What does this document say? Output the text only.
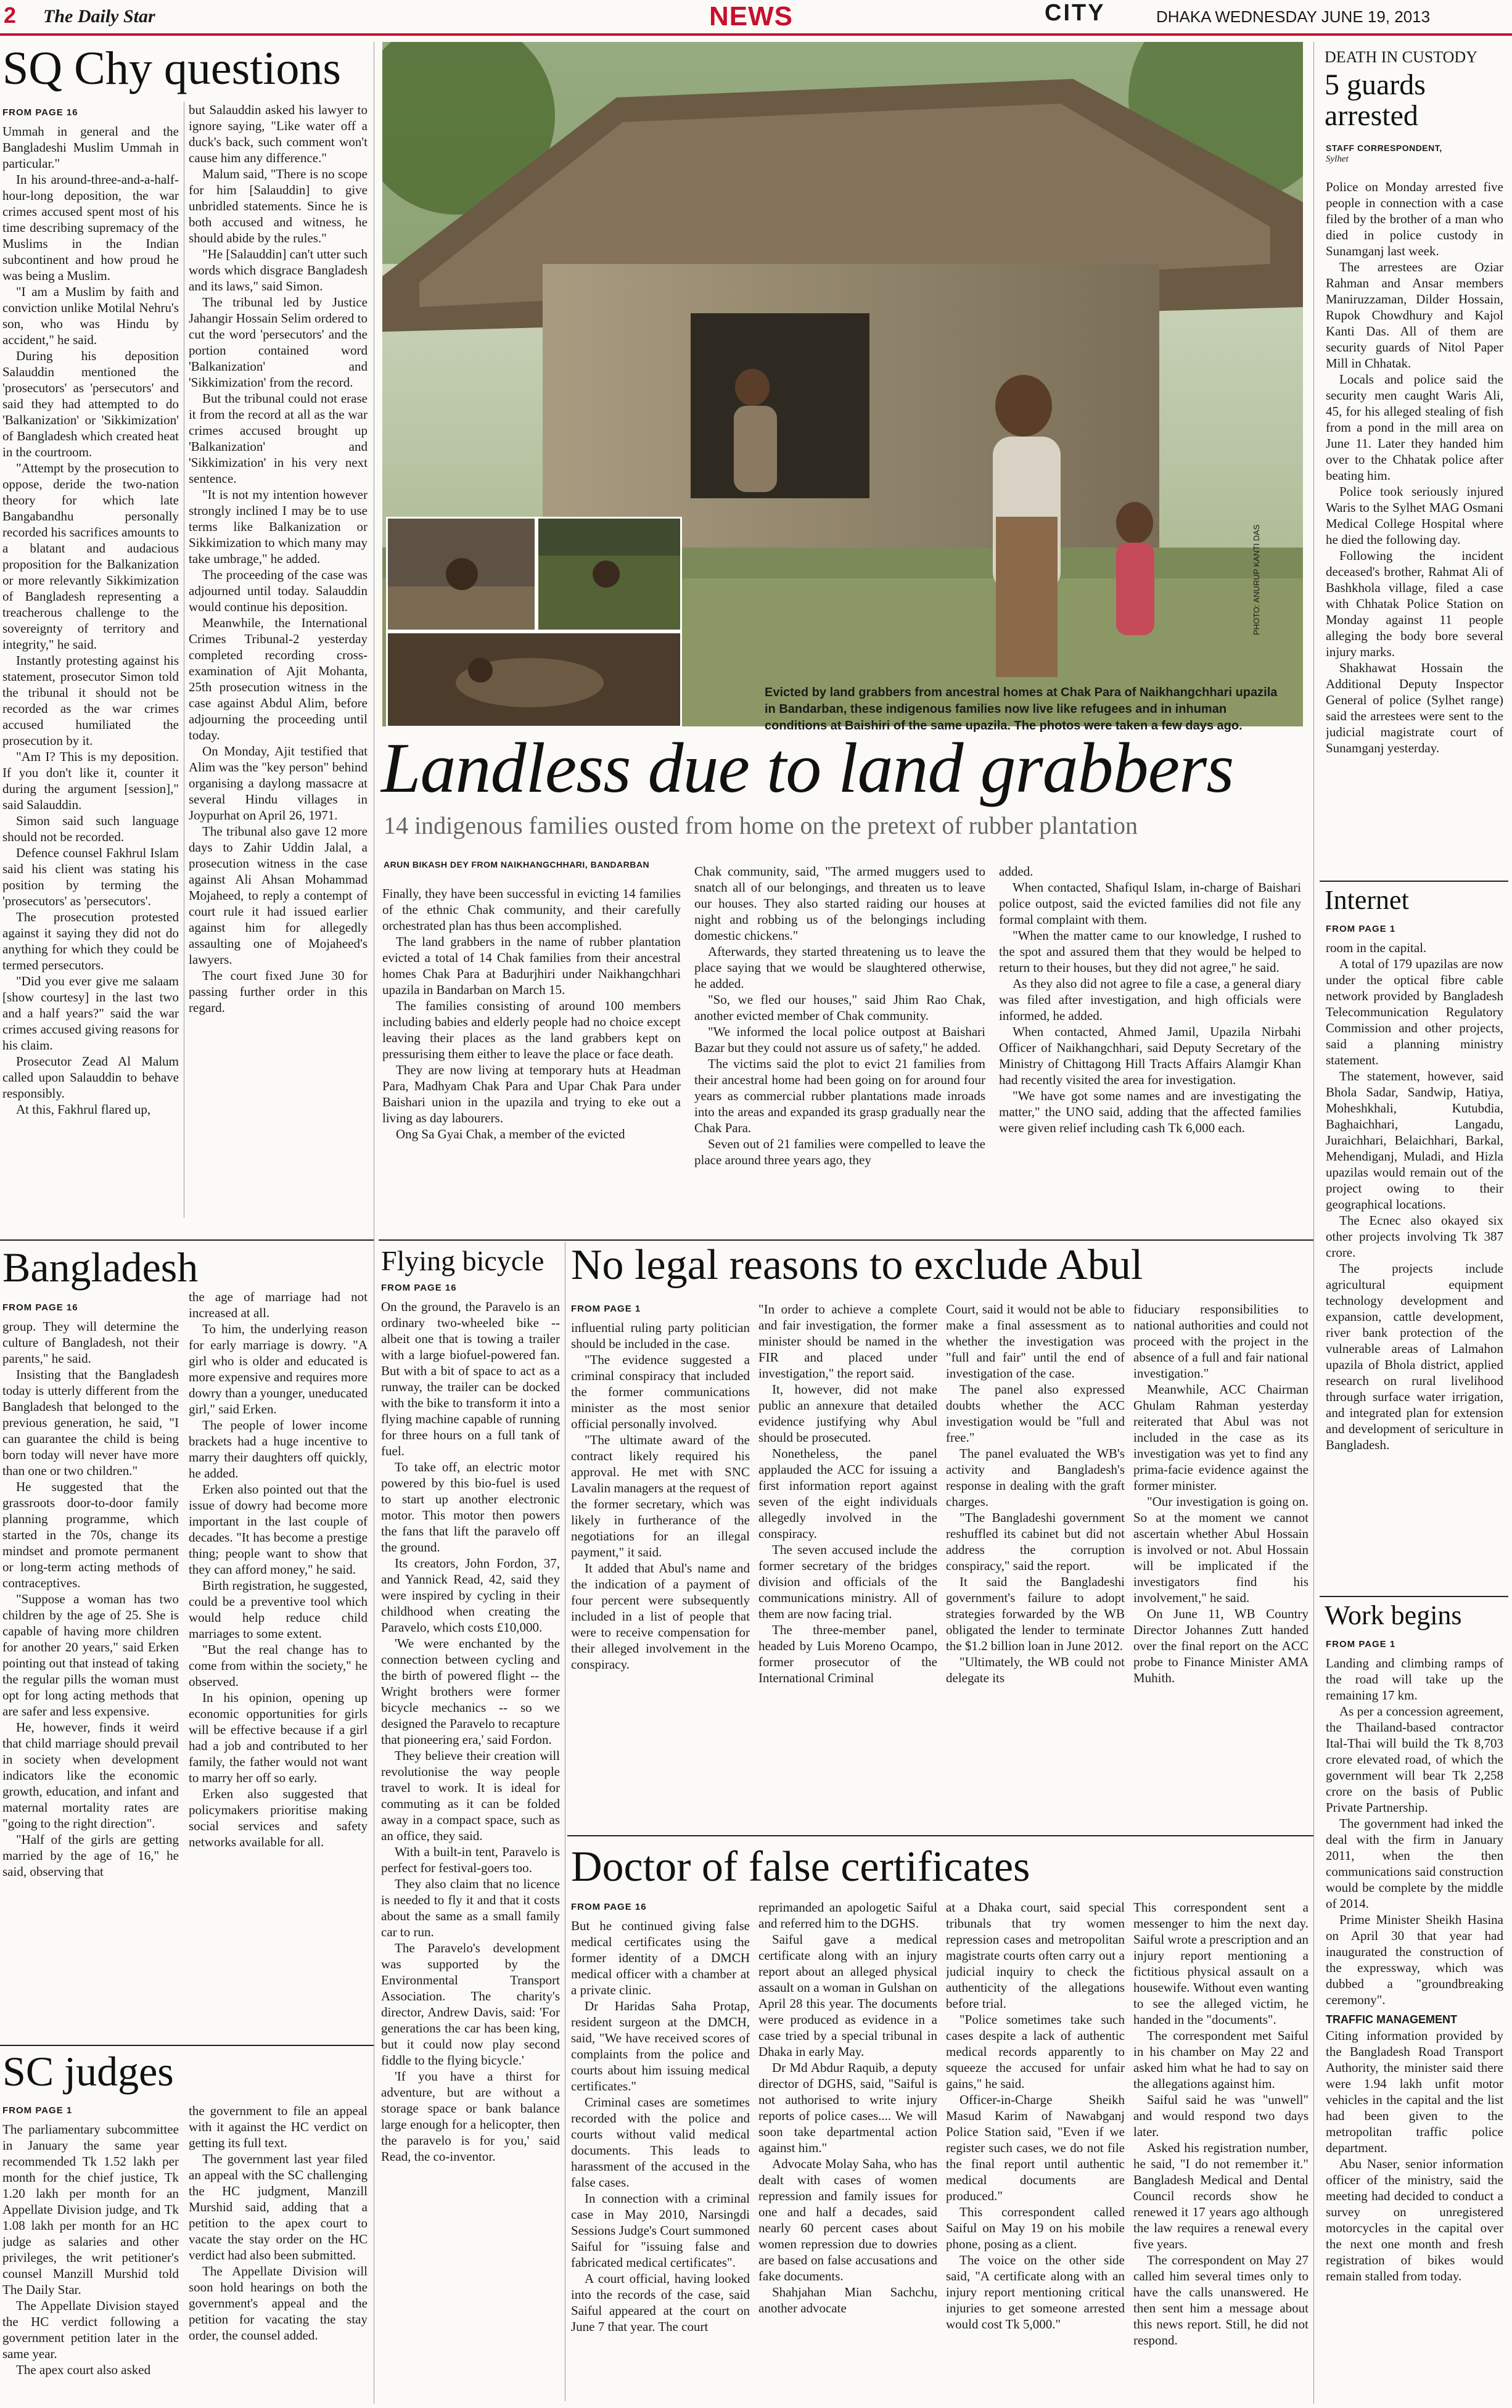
2 The Daily Star	NEWS	CITY	DHAKA WEDNESDAY JUNE 19, 2013
SQ Chy questions
FROM PAGE 16

Ummah in general and the Bangladeshi Muslim Ummah in particular."

In his around-three-and-a-half-hour-long deposition, the war crimes accused spent most of his time describing supremacy of the Muslims in the Indian subcontinent and how proud he was being a Muslim.

"I am a Muslim by faith and conviction unlike Motilal Nehru's son, who was Hindu by accident," he said.

During his deposition Salauddin mentioned the 'prosecutors' as 'persecutors' and said they had attempted to do 'Balkanization' or 'Sikkimization' of Bangladesh which created heat in the courtroom.

"Attempt by the prosecution to oppose, deride the two-nation theory for which late Bangabandhu personally recorded his sacrifices amounts to a blatant and audacious proposition for the Balkanization or more relevantly Sikkimization of Bangladesh representing a treacherous challenge to the sovereignty of territory and integrity," he said.

Instantly protesting against his statement, prosecutor Simon told the tribunal it should not be recorded as the war crimes accused humiliated the prosecution by it.

"Am I? This is my deposition. If you don't like it, counter it during the argument [session]," said Salauddin.

Simon said such language should not be recorded.

Defence counsel Fakhrul Islam said his client was stating his position by terming the 'prosecutors' as 'persecutors'.

The prosecution protested against it saying they did not do anything for which they could be termed persecutors.

"Did you ever give me salaam [show courtesy] in the last two and a half years?" said the war crimes accused giving reasons for his claim.

Prosecutor Zead Al Malum called upon Salauddin to behave responsibly.

At this, Fakhrul flared up,

but Salauddin asked his lawyer to ignore saying, "Like water off a duck's back, such comment won't cause him any difference."

Malum said, "There is no scope for him [Salauddin] to give unbridled statements. Since he is both accused and witness, he should abide by the rules."

"He [Salauddin] can't utter such words which disgrace Bangladesh and its laws," said Simon.

The tribunal led by Justice Jahangir Hossain Selim ordered to cut the word 'persecutors' and the portion contained word 'Balkanization' and 'Sikkimization' from the record.

But the tribunal could not erase it from the record at all as the war crimes accused brought up 'Balkanization' and 'Sikkimization' in his very next sentence.

"It is not my intention however strongly inclined I may be to use terms like Balkanization or Sikkimization to which many may take umbrage," he added.

The proceeding of the case was adjourned until today. Salauddin would continue his deposition.

Meanwhile, the International Crimes Tribunal-2 yesterday completed recording cross-examination of Ajit Mohanta, 25th prosecution witness in the case against Abdul Alim, before adjourning the proceeding until today.

On Monday, Ajit testified that Alim was the "key person" behind organising a daylong massacre at several Hindu villages in Joypurhat on April 26, 1971.

The tribunal also gave 12 more days to Zahir Uddin Jalal, a prosecution witness in the case against Ali Ahsan Mohammad Mojaheed, to reply a contempt of court rule it had issued earlier against him for allegedly assaulting one of Mojaheed's lawyers.

The court fixed June 30 for passing further order in this regard.

PHOTO: ANURUP KANTI DAS
Evicted by land grabbers from ancestral homes at Chak Para of Naikhangchhari upazila in Bandarban, these indigenous families now live like refugees and in inhuman conditions at Baishiri of the same upazila. The photos were taken a few days ago.
Landless due to land grabbers
14 indigenous families ousted from home on the pretext of rubber plantation
ARUN BIKASH DEY FROM NAIKHANGCHHARI, BANDARBAN

Finally, they have been successful in evicting 14 families of the ethnic Chak community, and their carefully orchestrated plan has thus been accomplished.

The land grabbers in the name of rubber plantation evicted a total of 14 Chak families from their ancestral homes Chak Para at Badurjhiri under Naikhangchhari upazila in Bandarban on March 15.

The families consisting of around 100 members including babies and elderly people had no choice except leaving their places as the land grabbers kept on pressurising them either to leave the place or face death.

They are now living at temporary huts at Headman Para, Madhyam Chak Para and Upar Chak Para under Baishari union in the upazila and trying to eke out a living as day labourers.

Ong Sa Gyai Chak, a member of the evicted

Chak community, said, "The armed muggers used to snatch all of our belongings, and threaten us to leave our houses. They also started raiding our houses at night and robbing us of the belongings including domestic chickens."

Afterwards, they started threatening us to leave the place saying that we would be slaughtered otherwise, he added.

"So, we fled our houses," said Jhim Rao Chak, another evicted member of Chak community.

"We informed the local police outpost at Baishari Bazar but they could not assure us of safety," he added.

The victims said the plot to evict 21 families from their ancestral home had been going on for around four years as commercial rubber plantations made inroads into the areas and expanded its grasp gradually near the Chak Para.

Seven out of 21 families were compelled to leave the place around three years ago, they

added.

When contacted, Shafiqul Islam, in-charge of Baishari police outpost, said the evicted families did not file any formal complaint with them.

"When the matter came to our knowledge, I rushed to the spot and assured them that they would be helped to return to their houses, but they did not agree," he said.

As they also did not agree to file a case, a general diary was filed after investigation, and high officials were informed, he added.

When contacted, Ahmed Jamil, Upazila Nirbahi Officer of Naikhangchhari, said Deputy Secretary of the Ministry of Chittagong Hill Tracts Affairs Alamgir Khan had recently visited the area for investigation.

"We have got some names and are investigating the matter," the UNO said, adding that the affected families were given relief including cash Tk 6,000 each.

DEATH IN CUSTODY
5 guards
arrested
STAFF CORRESPONDENT,
Sylhet

Police on Monday arrested five people in connection with a case filed by the brother of a man who died in police custody in Sunamganj last week.

The arrestees are Oziar Rahman and Ansar members Maniruzzaman, Dilder Hossain, Rupok Chowdhury and Kajol Kanti Das. All of them are security guards of Nitol Paper Mill in Chhatak.

Locals and police said the security men caught Waris Ali, 45, for his alleged stealing of fish from a pond in the mill area on June 11. Later they handed him over to the Chhatak police after beating him.

Police took seriously injured Waris to the Sylhet MAG Osmani Medical College Hospital where he died the following day.

Following the incident deceased's brother, Rahmat Ali of Bashkhola village, filed a case with Chhatak Police Station on Monday against 11 people alleging the body bore several injury marks.

Shakhawat Hossain the Additional Deputy Inspector General of police (Sylhet range) said the arrestees were sent to the judicial magistrate court of Sunamganj yesterday.

Internet
FROM PAGE 1

room in the capital.

A total of 179 upazilas are now under the optical fibre cable network provided by Bangladesh Telecommunication Regulatory Commission and other projects, said a planning ministry statement.

The statement, however, said Bhola Sadar, Sandwip, Hatiya, Moheshkhali, Kutubdia, Baghaichhari, Langadu, Juraichhari, Belaichhari, Barkal, Mehendiganj, Muladi, and Hizla upazilas would remain out of the project owing to their geographical locations.

The Ecnec also okayed six other projects involving Tk 387 crore.

The projects include agricultural equipment technology development and expansion, cattle development, river bank protection of the vulnerable areas of Lalmahon upazila of Bhola district, applied research on rural livelihood through surface water irrigation, and integrated plan for extension and development of sericulture in Bangladesh.

Work begins
FROM PAGE 1

Landing and climbing ramps of the road will take up the remaining 17 km.

As per a concession agreement, the Thailand-based contractor Ital-Thai will build the Tk 8,703 crore elevated road, of which the government will bear Tk 2,258 crore on the basis of Public Private Partnership.

The government had inked the deal with the firm in January 2011, when the then communications said construction would be complete by the middle of 2014.

Prime Minister Sheikh Hasina on April 30 that year had inaugurated the construction of the expressway, which was dubbed a "groundbreaking ceremony".

TRAFFIC MANAGEMENT

Citing information provided by the Bangladesh Road Transport Authority, the minister said there were 1.94 lakh unfit motor vehicles in the capital and the list had been given to the metropolitan traffic police department.

Abu Naser, senior information officer of the ministry, said the meeting had decided to conduct a survey on unregistered motorcycles in the capital over the next one month and fresh registration of bikes would remain stalled from today.

Bangladesh
FROM PAGE 16

group. They will determine the culture of Bangladesh, not their parents," he said.

Insisting that the Bangladesh today is utterly different from the Bangladesh that belonged to the previous generation, he said, "I can guarantee the child is being born today will never have more than one or two children."

He suggested that the grassroots door-to-door family planning programme, which started in the 70s, change its mindset and promote permanent or long-term acting methods of contraceptives.

"Suppose a woman has two children by the age of 25. She is capable of having more children for another 20 years," said Erken pointing out that instead of taking the regular pills the woman must opt for long acting methods that are safer and less expensive.

He, however, finds it weird that child marriage should prevail in society when development indicators like the economic growth, education, and infant and maternal mortality rates are "going to the right direction".

"Half of the girls are getting married by the age of 16," he said, observing that

the age of marriage had not increased at all.

To him, the underlying reason for early marriage is dowry. "A girl who is older and educated is more expensive and requires more dowry than a younger, uneducated girl," said Erken.

The people of lower income brackets had a huge incentive to marry their daughters off quickly, he added.

Erken also pointed out that the issue of dowry had become more important in the last couple of decades. "It has become a prestige thing; people want to show that they can afford money," he said.

Birth registration, he suggested, could be a preventive tool which would help reduce child marriages to some extent.

"But the real change has to come from within the society," he observed.

In his opinion, opening up economic opportunities for girls will be effective because if a girl had a job and contributed to her family, the father would not want to marry her off so early.

Erken also suggested that policymakers prioritise making social services and safety networks available for all.

SC judges
FROM PAGE 1

The parliamentary subcommittee in January the same year recommended Tk 1.52 lakh per month for the chief justice, Tk 1.20 lakh per month for an Appellate Division judge, and Tk 1.08 lakh per month for an HC judge as salaries and other privileges, the writ petitioner's counsel Manzill Murshid told The Daily Star.

The Appellate Division stayed the HC verdict following a government petition later in the same year.

The apex court also asked

the government to file an appeal with it against the HC verdict on getting its full text.

The government last year filed an appeal with the SC challenging the HC judgment, Manzill Murshid said, adding that a petition to the apex court to vacate the stay order on the HC verdict had also been submitted.

The Appellate Division will soon hold hearings on both the government's appeal and the petition for vacating the stay order, the counsel added.

Flying bicycle
FROM PAGE 16

On the ground, the Paravelo is an ordinary two-wheeled bike -- albeit one that is towing a trailer with a large biofuel-powered fan. But with a bit of space to act as a runway, the trailer can be docked with the bike to transform it into a flying machine capable of running for three hours on a full tank of fuel.

To take off, an electric motor powered by this bio-fuel is used to start up another electronic motor. This motor then powers the fans that lift the paravelo off the ground.

Its creators, John Fordon, 37, and Yannick Read, 42, said they were inspired by cycling in their childhood when creating the Paravelo, which costs £10,000.

'We were enchanted by the connection between cycling and the birth of powered flight -- the Wright brothers were former bicycle mechanics -- so we designed the Paravelo to recapture that pioneering era,' said Fordon.

They believe their creation will revolutionise the way people travel to work. It is ideal for commuting as it can be folded away in a compact space, such as an office, they said.

With a built-in tent, Paravelo is perfect for festival-goers too.

They also claim that no licence is needed to fly it and that it costs about the same as a small family car to run.

The Paravelo's development was supported by the Environmental Transport Association. The charity's director, Andrew Davis, said: 'For generations the car has been king, but it could now play second fiddle to the flying bicycle.'

'If you have a thirst for adventure, but are without a storage space or bank balance large enough for a helicopter, then the paravelo is for you,' said Read, the co-inventor.

No legal reasons to exclude Abul
FROM PAGE 1

influential ruling party politician should be included in the case.

"The evidence suggested a criminal conspiracy that included the former communications minister as the most senior official personally involved.

"The ultimate award of the contract likely required his approval. He met with SNC Lavalin managers at the request of the former secretary, which was likely in furtherance of the negotiations for an illegal payment," it said.

It added that Abul's name and the indication of a payment of four percent were subsequently included in a list of people that were to receive compensation for their alleged involvement in the conspiracy.

"In order to achieve a complete and fair investigation, the former minister should be named in the FIR and placed under investigation," the report said.

It, however, did not make public an annexure that detailed evidence justifying why Abul should be prosecuted.

Nonetheless, the panel applauded the ACC for issuing a first information report against seven of the eight individuals allegedly involved in the conspiracy.

The seven accused include the former secretary of the bridges division and officials of the communications ministry. All of them are now facing trial.

The three-member panel, headed by Luis Moreno Ocampo, former prosecutor of the International Criminal

Court, said it would not be able to make a final assessment as to whether the investigation was "full and fair" until the end of investigation of the case.

The panel also expressed doubts whether the ACC investigation would be "full and free."

The panel evaluated the WB's activity and Bangladesh's response in dealing with the graft charges.

"The Bangladeshi government reshuffled its cabinet but did not address the corruption conspiracy," said the report.

It said the Bangladeshi government's failure to adopt strategies forwarded by the WB obligated the lender to terminate the $1.2 billion loan in June 2012.

"Ultimately, the WB could not delegate its

fiduciary responsibilities to national authorities and could not proceed with the project in the absence of a full and fair national investigation."

Meanwhile, ACC Chairman Ghulam Rahman yesterday reiterated that Abul was not included in the case as its investigation was yet to find any prima-facie evidence against the former minister.

"Our investigation is going on. So at the moment we cannot ascertain whether Abul Hossain is involved or not. Abul Hossain will be implicated if the investigators find his involvement," he said.

On June 11, WB Country Director Johannes Zutt handed over the final report on the ACC probe to Finance Minister AMA Muhith.

Doctor of false certificates
FROM PAGE 16

But he continued giving false medical certificates using the former identity of a DMCH medical officer with a chamber at a private clinic.

Dr Haridas Saha Protap, resident surgeon at the DMCH, said, "We have received scores of complaints from the police and courts about him issuing medical certificates."

Criminal cases are sometimes recorded with the police and courts without valid medical documents. This leads to harassment of the accused in the false cases.

In connection with a criminal case in May 2010, Narsingdi Sessions Judge's Court summoned Saiful for "issuing false and fabricated medical certificates".

A court official, having looked into the records of the case, said Saiful appeared at the court on June 7 that year. The court

reprimanded an apologetic Saiful and referred him to the DGHS.

Saiful gave a medical certificate along with an injury report about an alleged physical assault on a woman in Gulshan on April 28 this year. The documents were produced as evidence in a case tried by a special tribunal in Dhaka in early May.

Dr Md Abdur Raquib, a deputy director of DGHS, said, "Saiful is not authorised to write injury reports of police cases.... We will soon take departmental action against him."

Advocate Molay Saha, who has dealt with cases of women repression and family issues for one and half a decades, said nearly 60 percent cases about women repression due to dowries are based on false accusations and fake documents.

Shahjahan Mian Sachchu, another advocate

at a Dhaka court, said special tribunals that try women repression cases and metropolitan magistrate courts often carry out a judicial inquiry to check the authenticity of the allegations before trial.

"Police sometimes take such cases despite a lack of authentic medical records apparently to squeeze the accused for unfair gains," he said.

Officer-in-Charge Sheikh Masud Karim of Nawabganj Police Station said, "Even if we register such cases, we do not file the final report until authentic medical documents are produced."

This correspondent called Saiful on May 19 on his mobile phone, posing as a client.

The voice on the other side said, "A certificate along with an injury report mentioning critical injuries to get someone arrested would cost Tk 5,000."

This correspondent sent a messenger to him the next day. Saiful wrote a prescription and an injury report mentioning a fictitious physical assault on a housewife. Without even wanting to see the alleged victim, he handed in the "documents".

The correspondent met Saiful in his chamber on May 22 and asked him what he had to say on the allegations against him.

Saiful said he was "unwell" and would respond two days later.

Asked his registration number, he said, "I do not remember it." Bangladesh Medical and Dental Council records show he renewed it 17 years ago although the law requires a renewal every five years.

The correspondent on May 27 called him several times only to have the calls unanswered. He then sent him a message about this news report. Still, he did not respond.
